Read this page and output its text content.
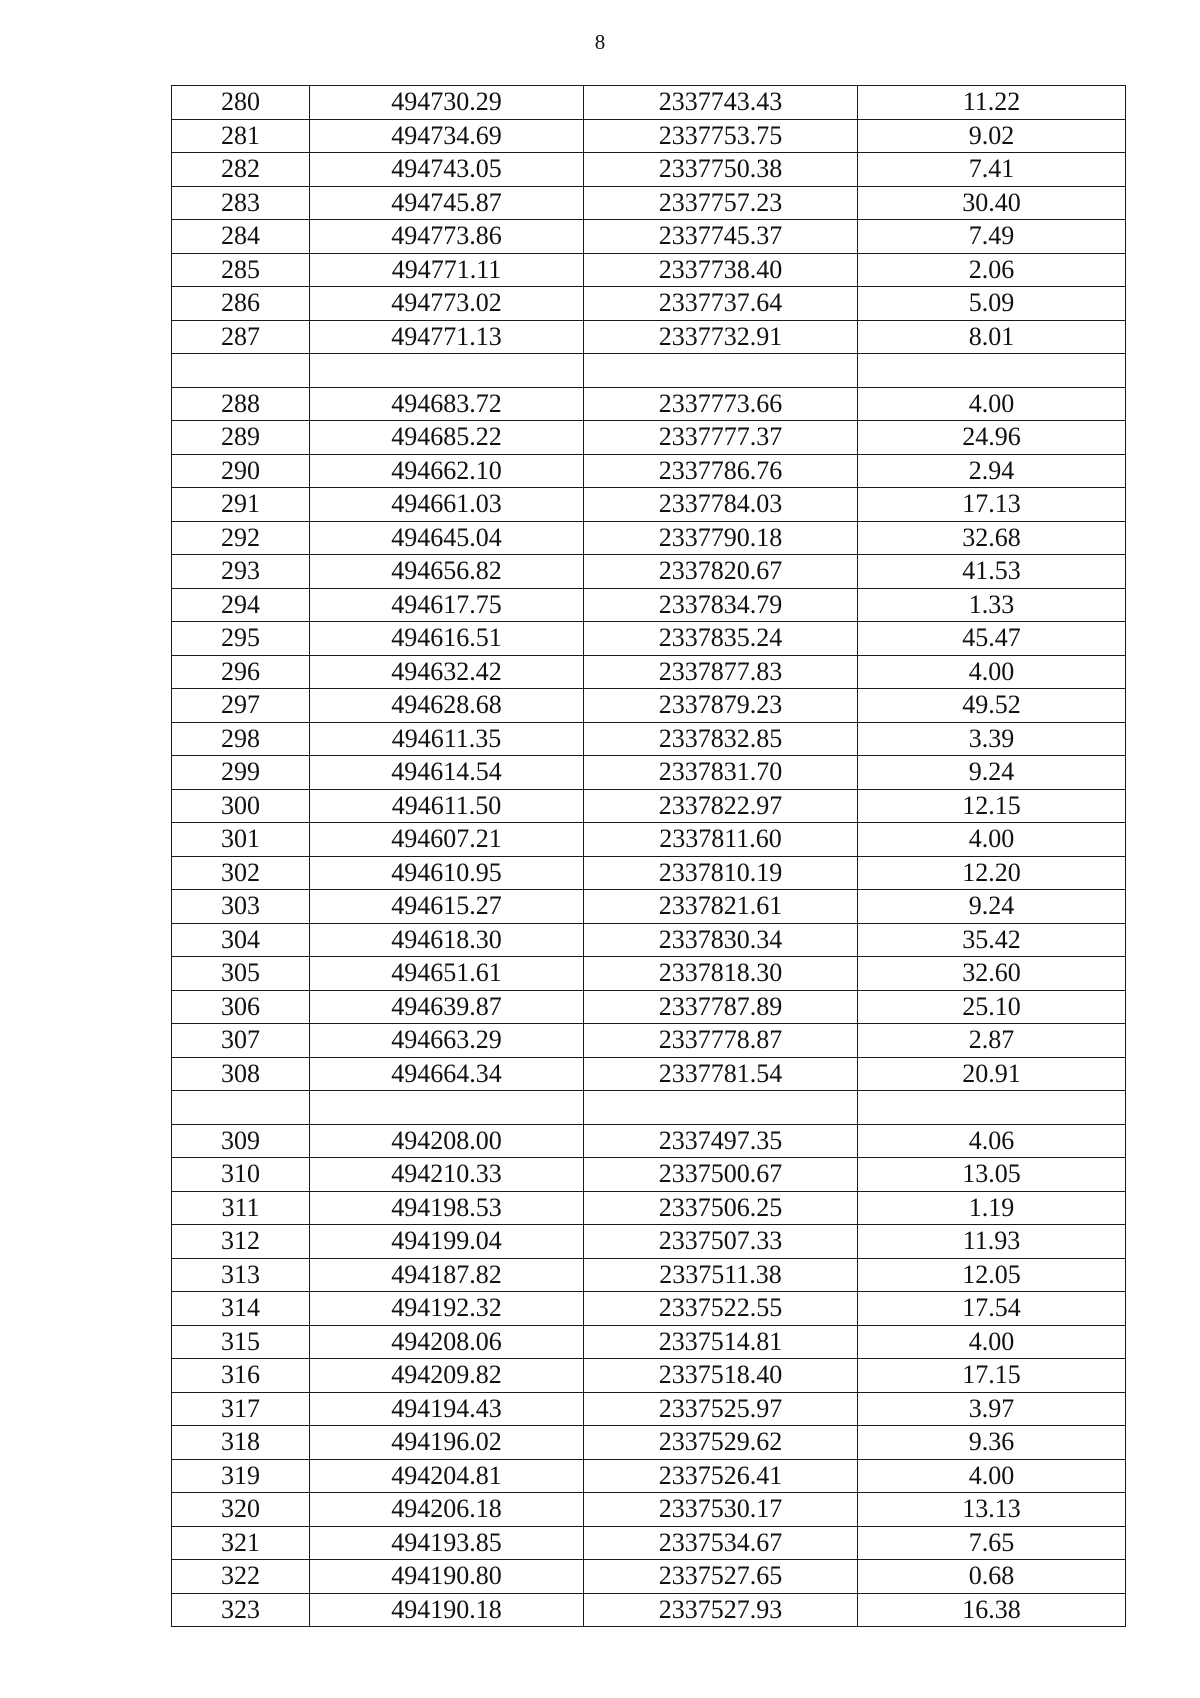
8
280	494730.29	2337743.43	11.22
281	494734.69	2337753.75	9.02
282	494743.05	2337750.38	7.41
283	494745.87	2337757.23	30.40
284	494773.86	2337745.37	7.49
285	494771.11	2337738.40	2.06
286	494773.02	2337737.64	5.09
287	494771.13	2337732.91	8.01

288	494683.72	2337773.66	4.00
289	494685.22	2337777.37	24.96
290	494662.10	2337786.76	2.94
291	494661.03	2337784.03	17.13
292	494645.04	2337790.18	32.68
293	494656.82	2337820.67	41.53
294	494617.75	2337834.79	1.33
295	494616.51	2337835.24	45.47
296	494632.42	2337877.83	4.00
297	494628.68	2337879.23	49.52
298	494611.35	2337832.85	3.39
299	494614.54	2337831.70	9.24
300	494611.50	2337822.97	12.15
301	494607.21	2337811.60	4.00
302	494610.95	2337810.19	12.20
303	494615.27	2337821.61	9.24
304	494618.30	2337830.34	35.42
305	494651.61	2337818.30	32.60
306	494639.87	2337787.89	25.10
307	494663.29	2337778.87	2.87
308	494664.34	2337781.54	20.91

309	494208.00	2337497.35	4.06
310	494210.33	2337500.67	13.05
311	494198.53	2337506.25	1.19
312	494199.04	2337507.33	11.93
313	494187.82	2337511.38	12.05
314	494192.32	2337522.55	17.54
315	494208.06	2337514.81	4.00
316	494209.82	2337518.40	17.15
317	494194.43	2337525.97	3.97
318	494196.02	2337529.62	9.36
319	494204.81	2337526.41	4.00
320	494206.18	2337530.17	13.13
321	494193.85	2337534.67	7.65
322	494190.80	2337527.65	0.68
323	494190.18	2337527.93	16.38
